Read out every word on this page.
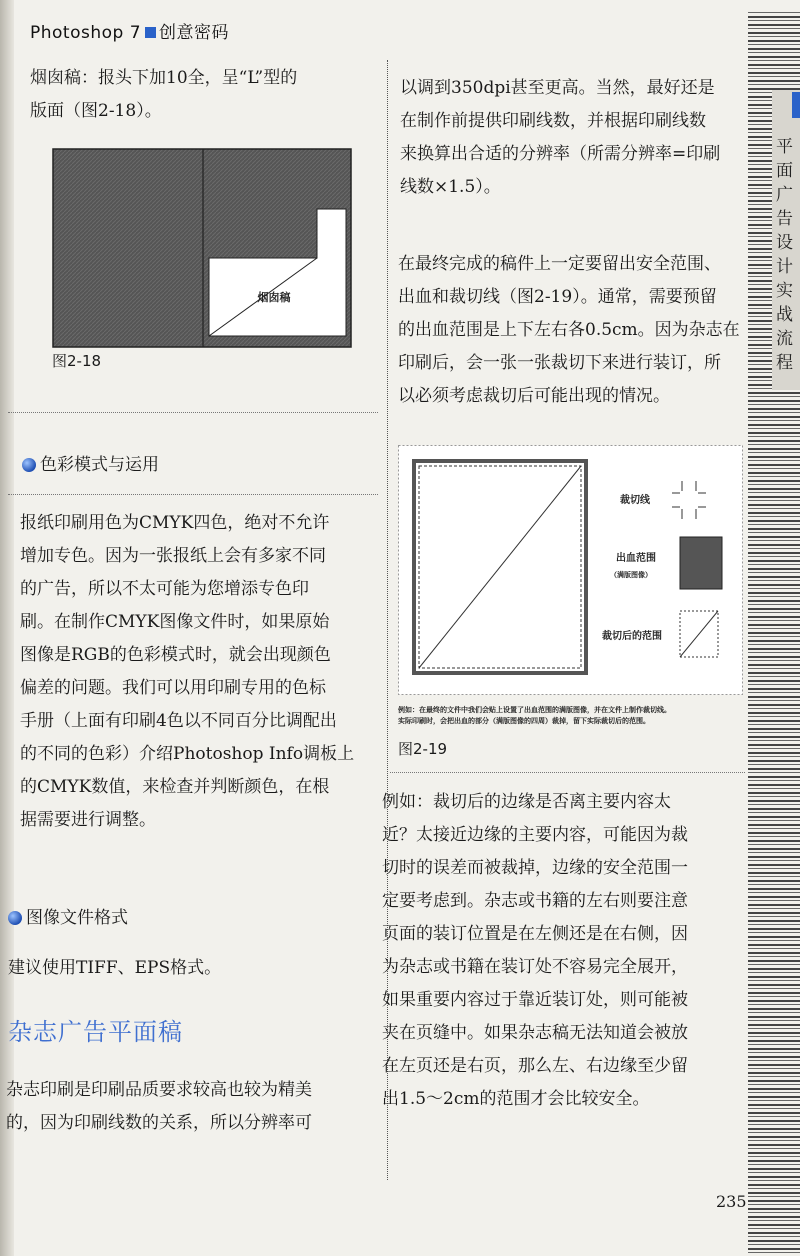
Photoshop 7 创意密码
烟囱稿：报头下加10全，呈“L”型的
版面（图2-18）。
烟囱稿
图2-18
色彩模式与运用
报纸印刷用色为CMYK四色，绝对不允许
增加专色。因为一张报纸上会有多家不同
的广告，所以不太可能为您增添专色印
刷。在制作CMYK图像文件时，如果原始
图像是RGB的色彩模式时，就会出现颜色
偏差的问题。我们可以用印刷专用的色标
手册（上面有印刷4色以不同百分比调配出
的不同的色彩）介绍Photoshop Info调板上
的CMYK数值，来检查并判断颜色，在根
据需要进行调整。
图像文件格式
建议使用TIFF、EPS格式。
杂志广告平面稿
杂志印刷是印刷品质要求较高也较为精美
的，因为印刷线数的关系，所以分辨率可
以调到350dpi甚至更高。当然，最好还是
在制作前提供印刷线数，并根据印刷线数
来换算出合适的分辨率（所需分辨率=印刷
线数×1.5）。
在最终完成的稿件上一定要留出安全范围、
出血和裁切线（图2-19）。通常，需要预留
的出血范围是上下左右各0.5cm。因为杂志在
印刷后，会一张一张裁切下来进行装订，所
以必须考虑裁切后可能出现的情况。
裁切线
出血范围
（满版图像）
裁切后的范围
例如：在最终的文件中我们会贴上设置了出血范围的满版图像，并在文件上制作裁切线。
实际印刷时，会把出血的部分（满版图像的四周）裁掉，留下实际裁切后的范围。
图2-19
例如：裁切后的边缘是否离主要内容太
近？太接近边缘的主要内容，可能因为裁
切时的误差而被裁掉，边缘的安全范围一
定要考虑到。杂志或书籍的左右则要注意
页面的装订位置是在左侧还是在右侧，因
为杂志或书籍在装订处不容易完全展开，
如果重要内容过于靠近装订处，则可能被
夹在页缝中。如果杂志稿无法知道会被放
在左页还是右页，那么左、右边缘至少留
出1.5～2cm的范围才会比较安全。
235
平面广告设计实战流程
